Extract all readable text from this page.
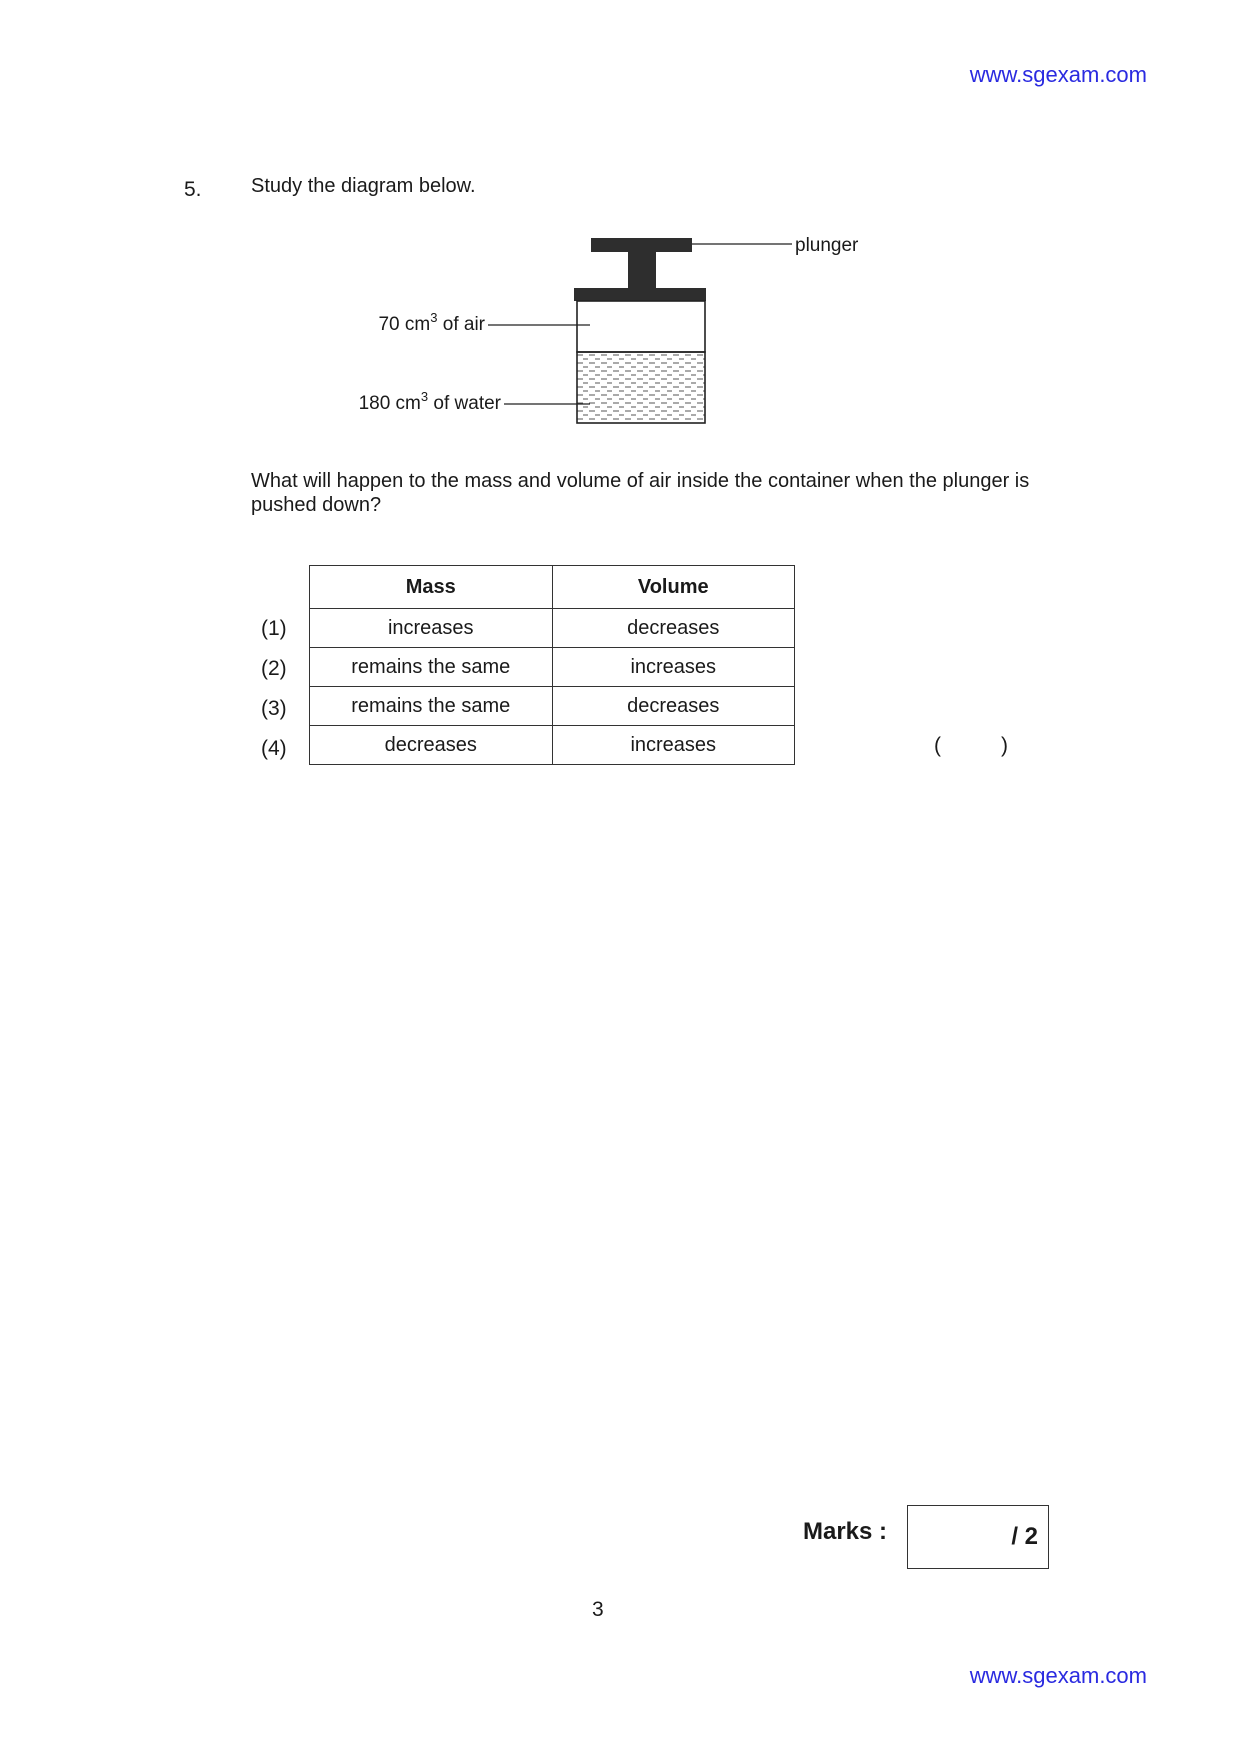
www.sgexam.com
5. Study the diagram below.
plunger
70 $cm^3$ of air
180 $cm^3$ of water
What will happen to the mass and volume of air inside the container when the plunger is pushed down?
Mass	Volume
increases	decreases
remains the same	increases
remains the same	decreases
decreases	increases
(1)
(2)
(3)
(4)	(	)
Marks :	/ 2
3
www.sgexam.com
